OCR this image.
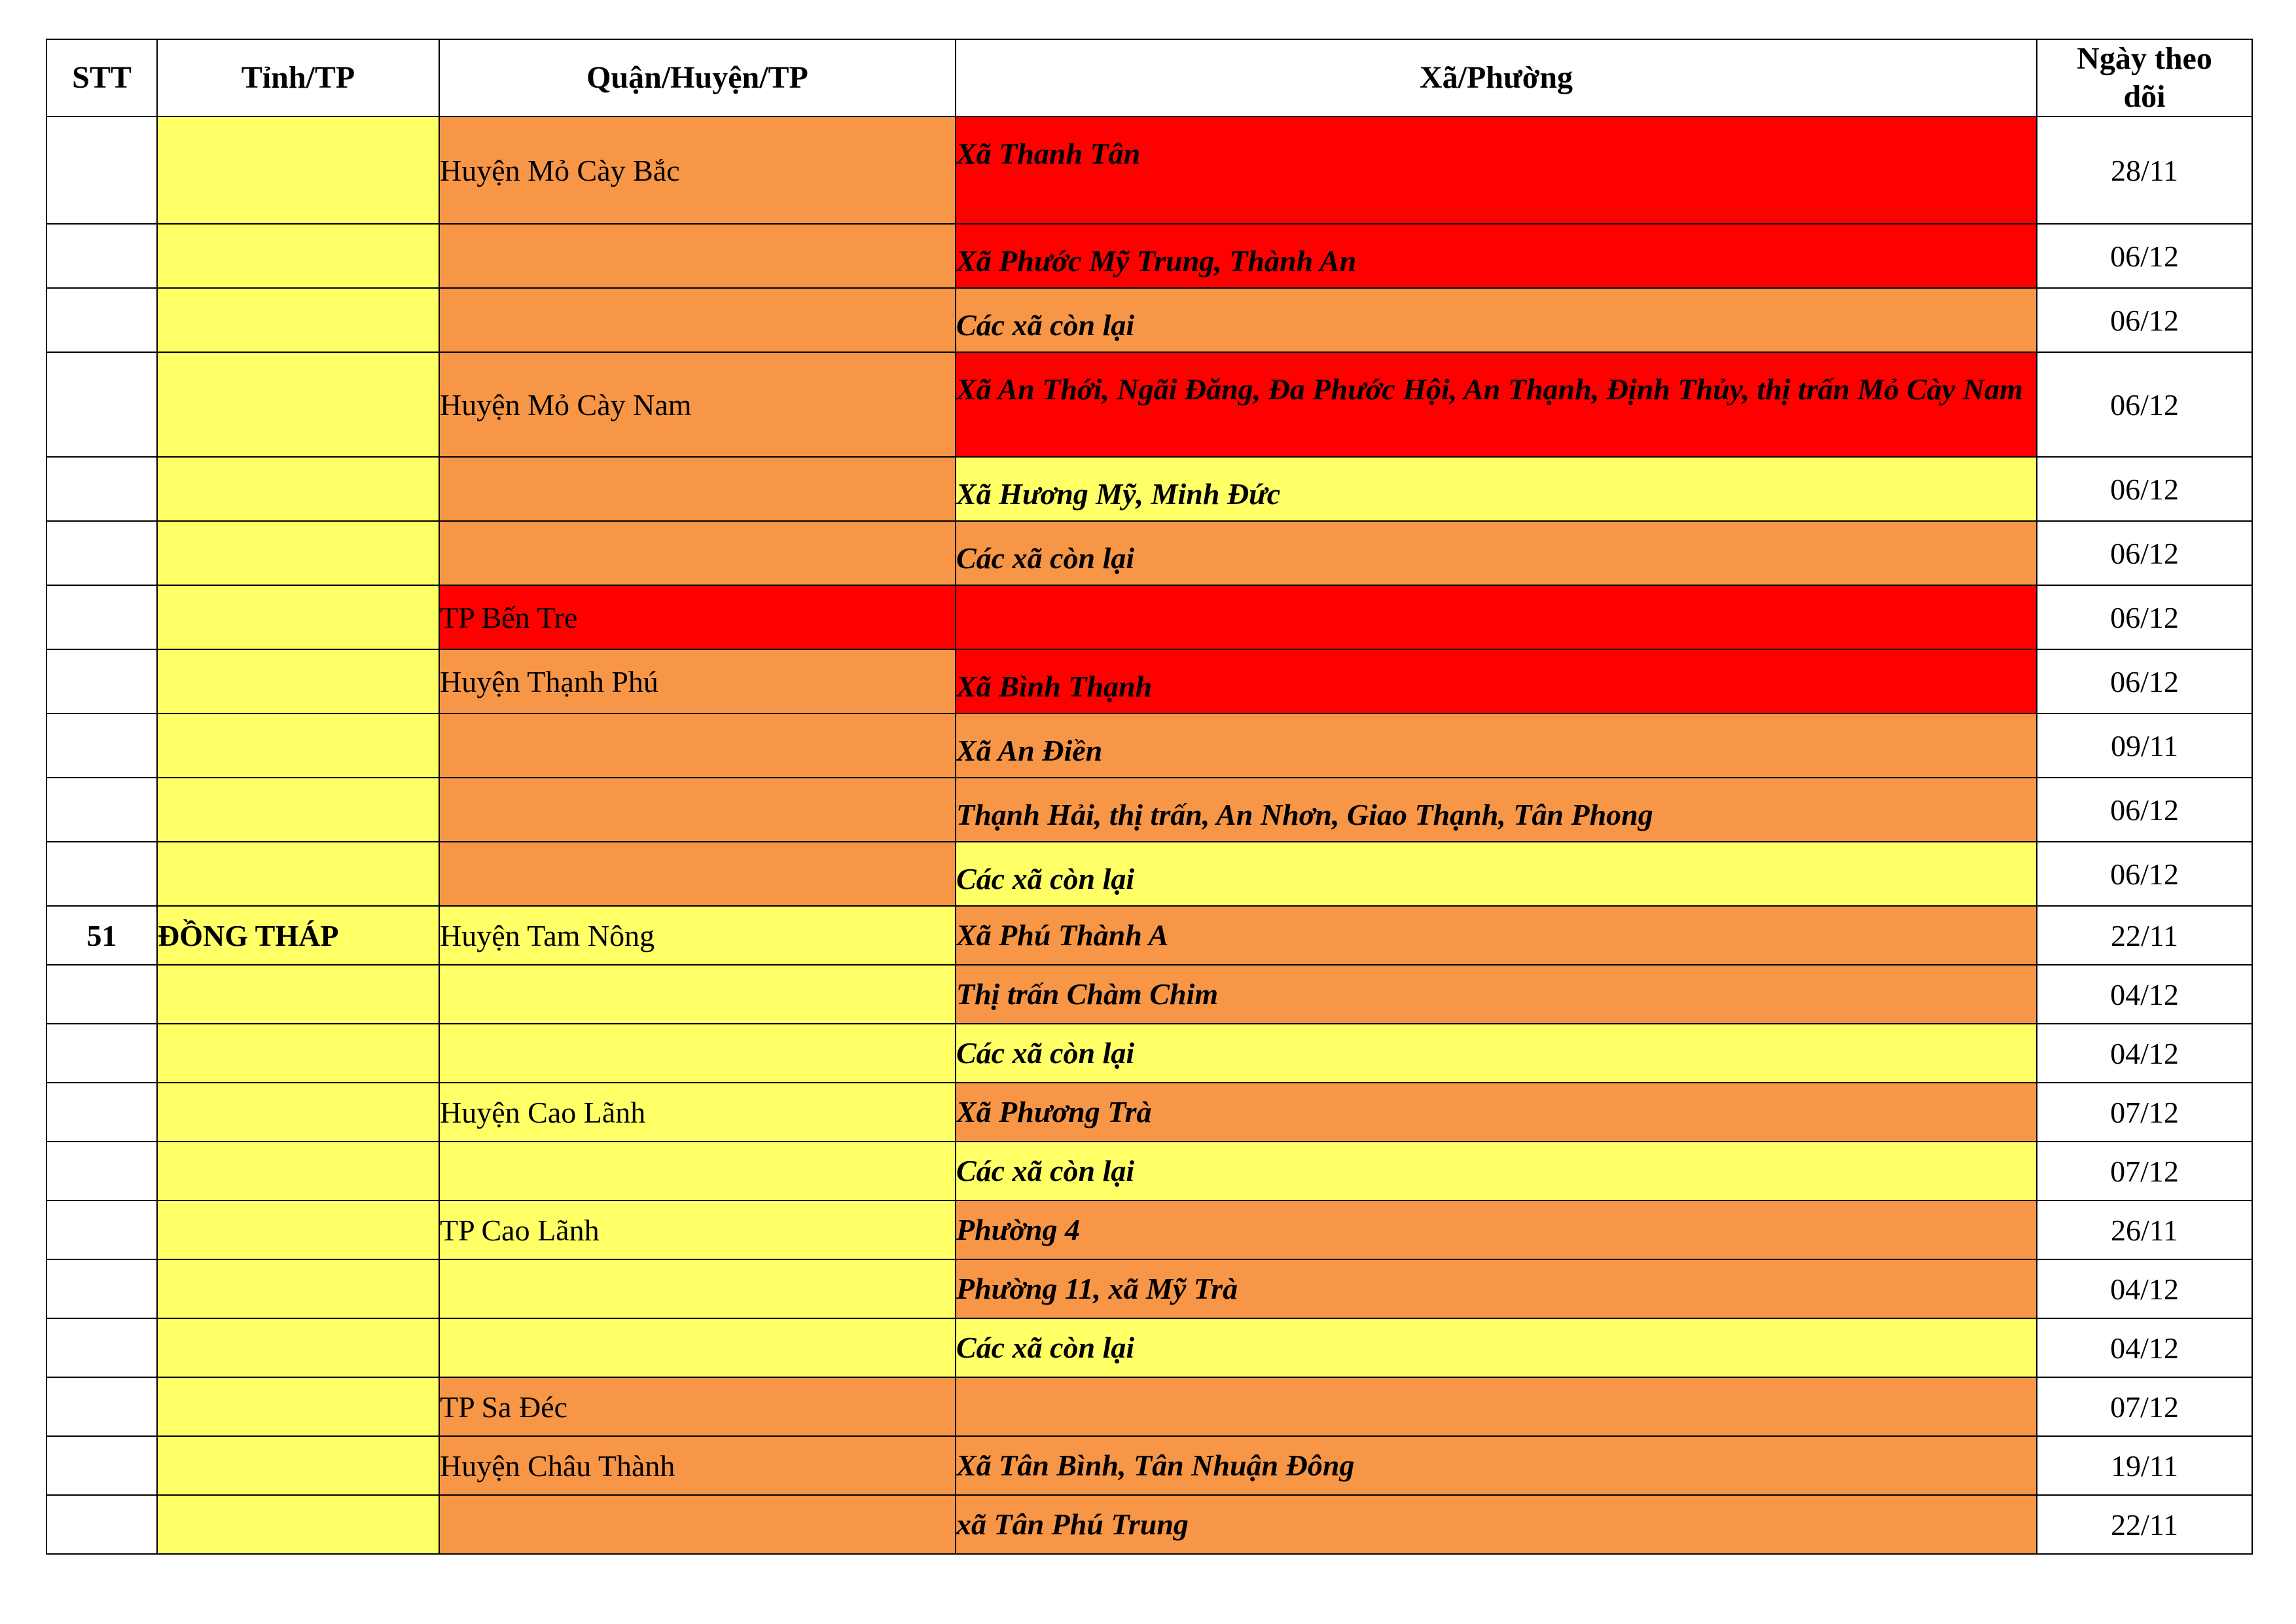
STT	Tỉnh/TP	Quận/Huyện/TP	Xã/Phường	Ngày theo dõi
		Huyện Mỏ Cày Bắc	Xã Thanh Tân	28/11
			Xã Phước Mỹ Trung, Thành An	06/12
			Các xã còn lại	06/12
		Huyện Mỏ Cày Nam	Xã An Thới, Ngãi Đăng, Đa Phước Hội, An Thạnh, Định Thủy, thị trấn Mỏ Cày Nam	06/12
			Xã Hương Mỹ, Minh Đức	06/12
			Các xã còn lại	06/12
		TP Bến Tre		06/12
		Huyện Thạnh Phú	Xã Bình Thạnh	06/12
			Xã An Điền	09/11
			Thạnh Hải, thị trấn, An Nhơn, Giao Thạnh, Tân Phong	06/12
			Các xã còn lại	06/12
51	ĐỒNG THÁP	Huyện Tam Nông	Xã Phú Thành A	22/11
			Thị trấn Chàm Chim	04/12
			Các xã còn lại	04/12
		Huyện Cao Lãnh	Xã Phương Trà	07/12
			Các xã còn lại	07/12
		TP Cao Lãnh	Phường 4	26/11
			Phường 11, xã Mỹ Trà	04/12
			Các xã còn lại	04/12
		TP Sa Đéc		07/12
		Huyện Châu Thành	Xã Tân Bình, Tân Nhuận Đông	19/11
			xã Tân Phú Trung	22/11
